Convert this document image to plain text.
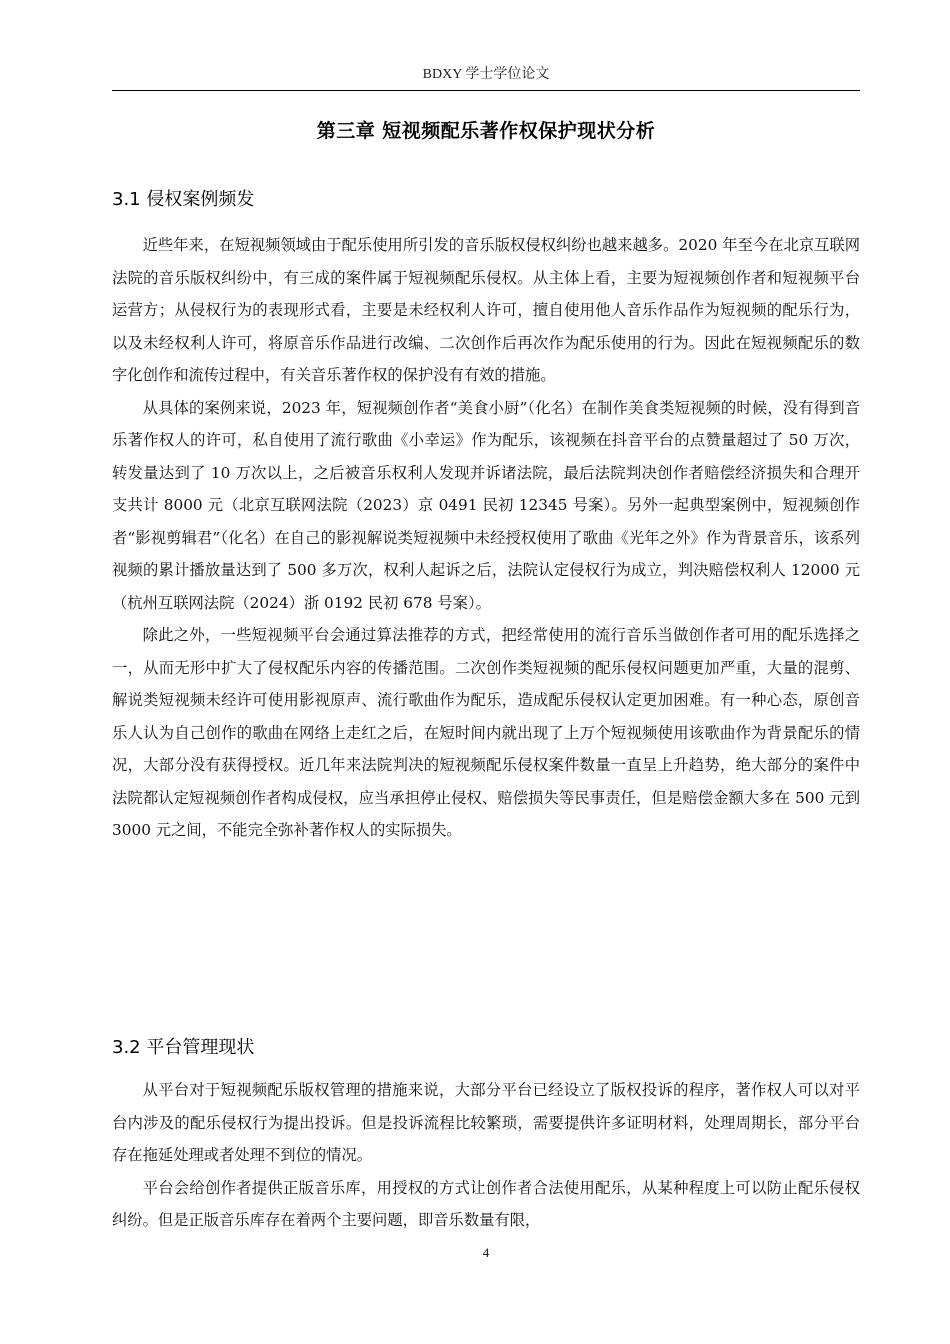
BDXY 学士学位论文
第三章 短视频配乐著作权保护现状分析
3.1 侵权案例频发

近些年来，在短视频领域由于配乐使用所引发的音乐版权侵权纠纷也越来越多。2020 年至今在北京互联网法院的音乐版权纠纷中，有三成的案件属于短视频配乐侵权。从主体上看，主要为短视频创作者和短视频平台运营方；从侵权行为的表现形式看，主要是未经权利人许可，擅自使用他人音乐作品作为短视频的配乐行为，以及未经权利人许可，将原音乐作品进行改编、二次创作后再次作为配乐使用的行为。因此在短视频配乐的数字化创作和流传过程中，有关音乐著作权的保护没有有效的措施。

从具体的案例来说，2023 年，短视频创作者“美食小厨”（化名）在制作美食类短视频的时候，没有得到音乐著作权人的许可，私自使用了流行歌曲《小幸运》作为配乐，该视频在抖音平台的点赞量超过了 50 万次，转发量达到了 10 万次以上，之后被音乐权利人发现并诉诸法院，最后法院判决创作者赔偿经济损失和合理开支共计 8000 元（北京互联网法院（2023）京 0491 民初 12345 号案）。另外一起典型案例中，短视频创作者“影视剪辑君”（化名）在自己的影视解说类短视频中未经授权使用了歌曲《光年之外》作为背景音乐，该系列视频的累计播放量达到了 500 多万次，权利人起诉之后，法院认定侵权行为成立，判决赔偿权利人 12000 元（杭州互联网法院（2024）浙 0192 民初 678 号案）。

除此之外，一些短视频平台会通过算法推荐的方式，把经常使用的流行音乐当做创作者可用的配乐选择之一，从而无形中扩大了侵权配乐内容的传播范围。二次创作类短视频的配乐侵权问题更加严重，大量的混剪、解说类短视频未经许可使用影视原声、流行歌曲作为配乐，造成配乐侵权认定更加困难。有一种心态，原创音乐人认为自己创作的歌曲在网络上走红之后，在短时间内就出现了上万个短视频使用该歌曲作为背景配乐的情况，大部分没有获得授权。近几年来法院判决的短视频配乐侵权案件数量一直呈上升趋势，绝大部分的案件中法院都认定短视频创作者构成侵权，应当承担停止侵权、赔偿损失等民事责任，但是赔偿金额大多在 500 元到 3000 元之间，不能完全弥补著作权人的实际损失。

3.2 平台管理现状

从平台对于短视频配乐版权管理的措施来说，大部分平台已经设立了版权投诉的程序，著作权人可以对平台内涉及的配乐侵权行为提出投诉。但是投诉流程比较繁琐，需要提供许多证明材料，处理周期长，部分平台存在拖延处理或者处理不到位的情况。

平台会给创作者提供正版音乐库，用授权的方式让创作者合法使用配乐，从某种程度上可以防止配乐侵权纠纷。但是正版音乐库存在着两个主要问题，即音乐数量有限，

4
